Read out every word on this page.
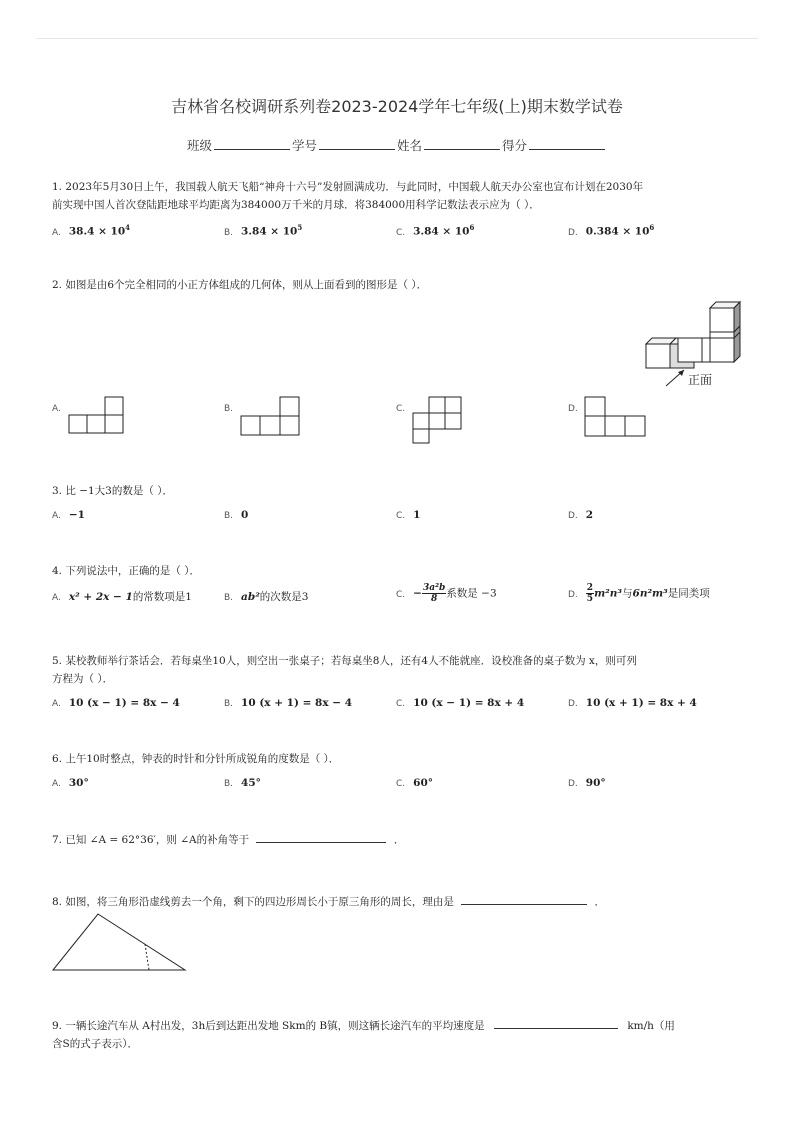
吉林省名校调研系列卷2023-2024学年七年级(上)期末数学试卷
班级	学号	姓名	得分
1. 2023年5月30日上午，我国载人航天飞船“神舟十六号”发射圆满成功．与此同时，中国载人航天办公室也宣布计划在2030年
前实现中国人首次登陆距地球平均距离为384000万千米的月球．将384000用科学记数法表示应为（ ）．
A. $38.4 \times 10^4$	B. $3.84 \times 10^5$	C. $3.84 \times 10^6$	D. $0.384 \times 10^6$
2. 如图是由6个完全相同的小正方体组成的几何体，则从上面看到的图形是（ ）．
正面
A.	B.	C.	D.
3. 比 −1大3的数是（ ）．
A. −1	B. 0	C. 1	D. 2
4. 下列说法中，正确的是（ ）．
A. x² + 2x − 1的常数项是1	B. ab²的次数是3	C. − $\frac{\text{3a²b}}{8}$ 系数是 −3	D. $\frac{2}{5} m^2n^3$与6n²m³是同类项
5. 某校教师举行茶话会．若每桌坐10人，则空出一张桌子；若每桌坐8人，还有4人不能就座．设校准备的桌子数为 x，则可列
方程为（ ）．
A. 10 (x − 1) = 8x − 4	B. 10 (x + 1) = 8x − 4	C. 10 (x − 1) = 8x + 4	D. 10 (x + 1) = 8x + 4
6. 上午10时整点，钟表的时针和分针所成锐角的度数是（ ）．
A. 30°	B. 45°	C. 60°	D. 90°
7. 已知 ∠A = 62°36′，则 ∠A的补角等于	．
8. 如图，将三角形沿虚线剪去一个角，剩下的四边形周长小于原三角形的周长，理由是	．
9. 一辆长途汽车从 A村出发，3h后到达距出发地 Skm的 B镇，则这辆长途汽车的平均速度是	km/h（用
含S的式子表示）．
